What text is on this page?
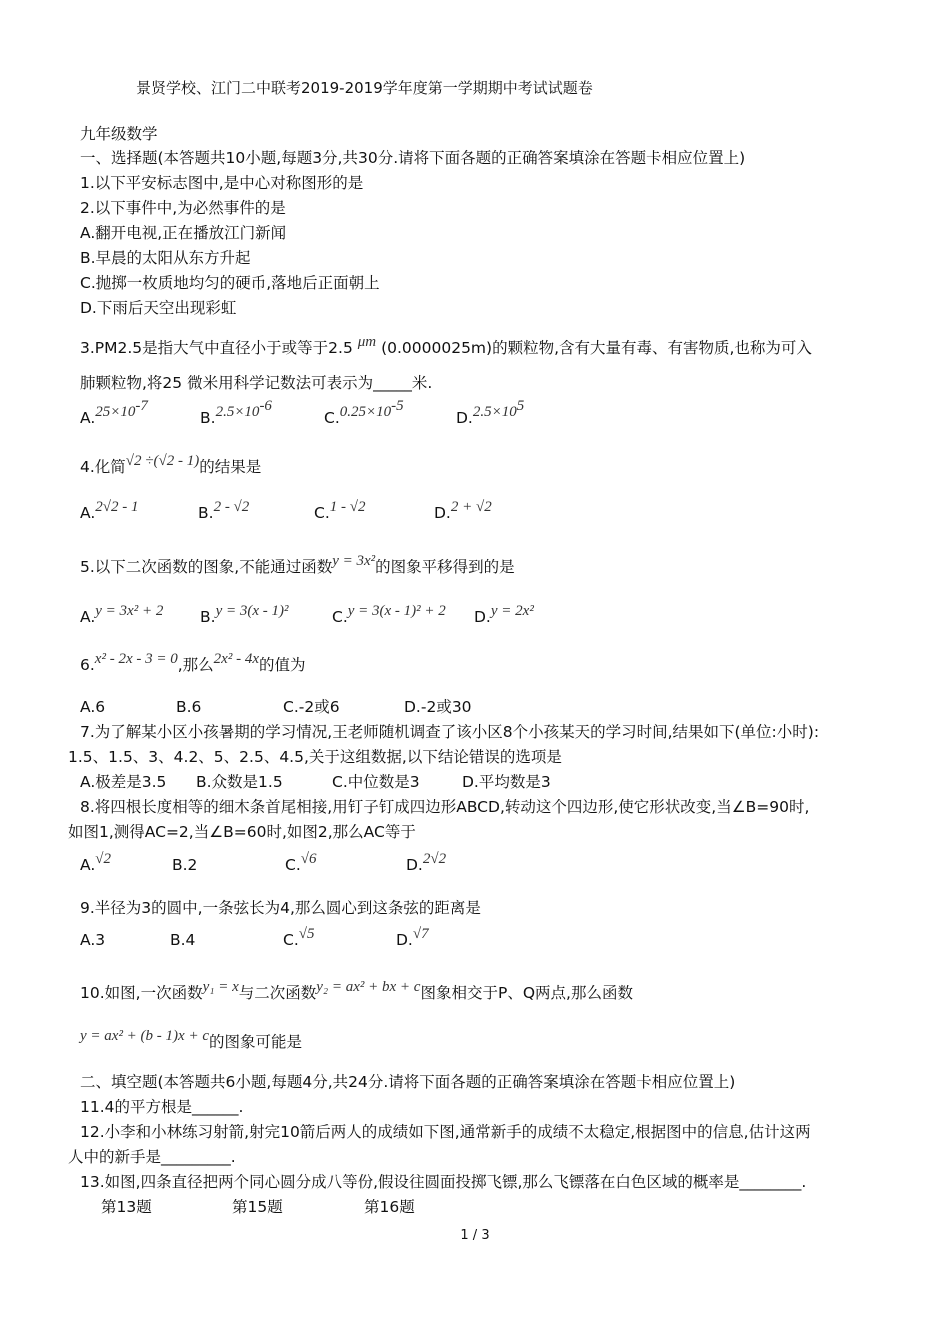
景贤学校、江门二中联考2019-2019学年度第一学期期中考试试题卷
九年级数学
一、选择题(本答题共10小题,每题3分,共30分.请将下面各题的正确答案填涂在答题卡相应位置上)
1.以下平安标志图中,是中心对称图形的是
2.以下事件中,为必然事件的是
A.翻开电视,正在播放江门新闻
B.早晨的太阳从东方升起
C.抛掷一枚质地均匀的硬币,落地后正面朝上
D.下雨后天空出现彩虹
3.PM2.5是指大气中直径小于或等于2.5 μm (0.0000025m)的颗粒物,含有大量有毒、有害物质,也称为可入
肺颗粒物,将25 微米用科学记数法可表示为_____米.
$A.25\times 10^{-7}$
$B.2.5\times 10^{-6}$
$C.0.25\times 10^{-5}$
$D.2.5\times 10^5$
4.化简√2 ÷(√2 - 1)的结果是
A.2√2 - 1	B.2 - √2	C.1 - √2	D.2 + √2
5.以下二次函数的图象,不能通过函数y = 3x²的图象平移得到的是
A.y = 3x² + 2 B.y = 3(x - 1)²	C.y = 3(x - 1)² + 2 D.y = 2x²
6.x² - 2x - 3 = 0,那么2x² - 4x的值为
A.6	B.6	C.-2或6	D.-2或30
7.为了解某小区小孩暑期的学习情况,王老师随机调查了该小区8个小孩某天的学习时间,结果如下(单位:小时):
1.5、1.5、3、4.2、5、2.5、4.5,关于这组数据,以下结论错误的选项是
A.极差是3.5 B.众数是1.5	C.中位数是3	D.平均数是3
8.将四根长度相等的细木条首尾相接,用钉子钉成四边形ABCD,转动这个四边形,使它形状改变,当∠B=90时,
如图1,测得AC=2,当∠B=60时,如图2,那么AC等于
A.√2	B.2	C.√6	D.2√2
9.半径为3的圆中,一条弦长为4,那么圆心到这条弦的距离是
A.3	B.4	C.√5	D.√7
10.如图,一次函数y₁ = x与二次函数y₂ = ax² + bx + c图象相交于P、Q两点,那么函数
y = ax² + (b - 1)x + c的图象可能是
二、填空题(本答题共6小题,每题4分,共24分.请将下面各题的正确答案填涂在答题卡相应位置上)
11.4的平方根是______.
12.小李和小林练习射箭,射完10箭后两人的成绩如下图,通常新手的成绩不太稳定,根据图中的信息,估计这两
人中的新手是_________.
13.如图,四条直径把两个同心圆分成八等份,假设往圆面投掷飞镖,那么飞镖落在白色区域的概率是________.
第13题	第15题	第16题
1 / 3
